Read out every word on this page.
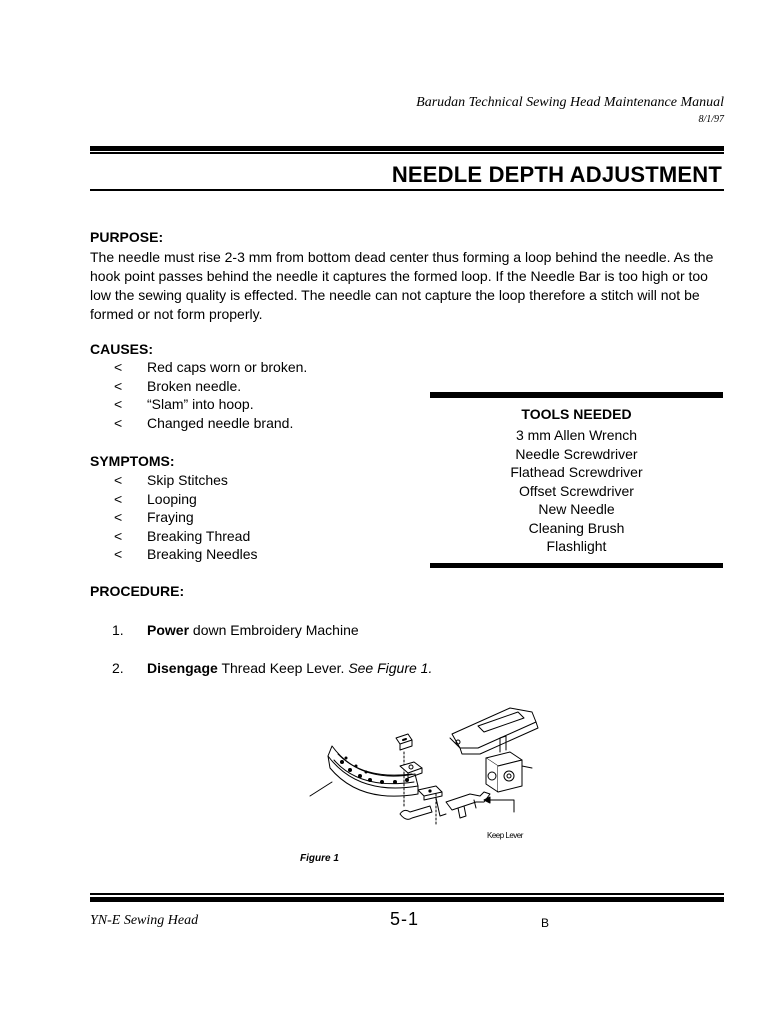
Barudan Technical Sewing Head Maintenance Manual
8/1/97
NEEDLE DEPTH ADJUSTMENT
PURPOSE:
The needle must rise 2-3 mm from bottom dead center thus forming a loop behind the needle. As the hook point passes behind the needle it captures the formed loop. If the Needle Bar is too high or too low the sewing quality is effected. The needle can not capture the loop therefore a stitch will not be formed or not form properly.
CAUSES:
< Red caps worn or broken.
< Broken needle.
< “Slam” into hoop.
< Changed needle brand.
SYMPTOMS:
< Skip Stitches
< Looping
< Fraying
< Breaking Thread
< Breaking Needles
TOOLS NEEDED
3 mm Allen Wrench
Needle Screwdriver
Flathead Screwdriver
Offset Screwdriver
New Needle
Cleaning Brush
Flashlight
PROCEDURE:
1. Power down Embroidery Machine
2. Disengage Thread Keep Lever. See Figure 1.
Keep Lever
Figure 1
YN-E Sewing Head	5-1	B
